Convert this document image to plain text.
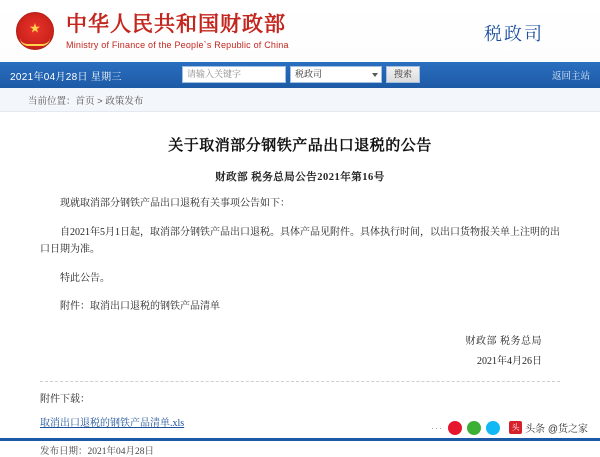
★ 中华人民共和国财政部
Ministry of Finance of the People`s Republic of China
税政司
2021年04月28日 星期三	请输入关键字	税政司	搜索	返回主站
当前位置：首页 > 政策发布
关于取消部分钢铁产品出口退税的公告
财政部 税务总局公告2021年第16号
现就取消部分钢铁产品出口退税有关事项公告如下：
自2021年5月1日起，取消部分钢铁产品出口退税。具体产品见附件。具体执行时间，以出口货物报关单上注明的出口日期为准。
特此公告。
附件：取消出口退税的钢铁产品清单
财政部 税务总局
2021年4月26日
附件下载：
取消出口退税的钢铁产品清单.xls
发布日期：2021年04月28日
···	头 头条 @货之家
